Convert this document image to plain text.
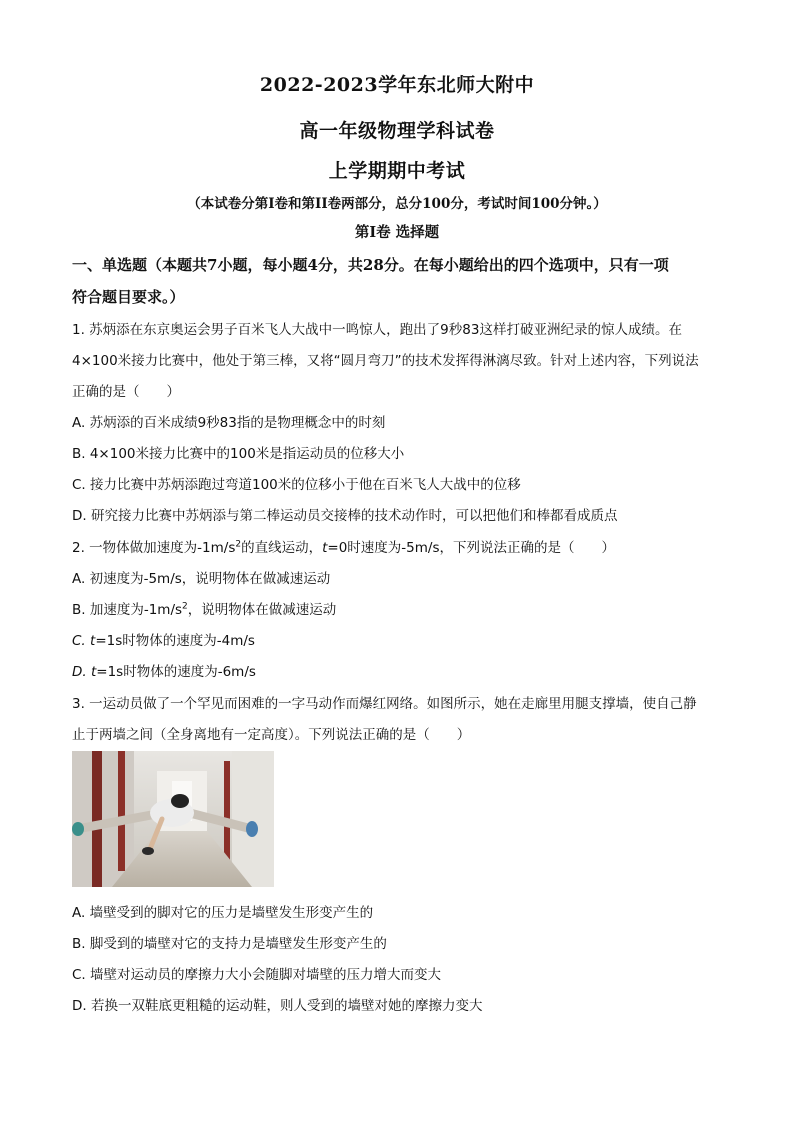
2022-2023学年东北师大附中
高一年级物理学科试卷
上学期期中考试
（本试卷分第I卷和第II卷两部分，总分100分，考试时间100分钟。）
第Ⅰ卷 选择题
一、单选题（本题共7小题，每小题4分，共28分。在每小题给出的四个选项中，只有一项
符合题目要求。）
1. 苏炳添在东京奥运会男子百米飞人大战中一鸣惊人，跑出了9秒83这样打破亚洲纪录的惊人成绩。在
4×100米接力比赛中，他处于第三棒，又将“圆月弯刀”的技术发挥得淋漓尽致。针对上述内容，下列说法
正确的是（　　）
A. 苏炳添的百米成绩9秒83指的是物理概念中的时刻
B. 4×100米接力比赛中的100米是指运动员的位移大小
C. 接力比赛中苏炳添跑过弯道100米的位移小于他在百米飞人大战中的位移
D. 研究接力比赛中苏炳添与第二棒运动员交接棒的技术动作时，可以把他们和棒都看成质点
2. 一物体做加速度为$-1m/s^2$的直线运动，t=0时速度为-5m/s，下列说法正确的是（　　）
A. 初速度为-5m/s，说明物体在做减速运动
B. 加速度为$-1m/s^2$，说明物体在做减速运动
C. t=1s时物体的速度为-4m/s
D. t=1s时物体的速度为-6m/s
3. 一运动员做了一个罕见而困难的一字马动作而爆红网络。如图所示，她在走廊里用腿支撑墙，使自己静
止于两墙之间（全身离地有一定高度）。下列说法正确的是（　　）
A. 墙壁受到的脚对它的压力是墙壁发生形变产生的
B. 脚受到的墙壁对它的支持力是墙壁发生形变产生的
C. 墙壁对运动员的摩擦力大小会随脚对墙壁的压力增大而变大
D. 若换一双鞋底更粗糙的运动鞋，则人受到的墙壁对她的摩擦力变大
